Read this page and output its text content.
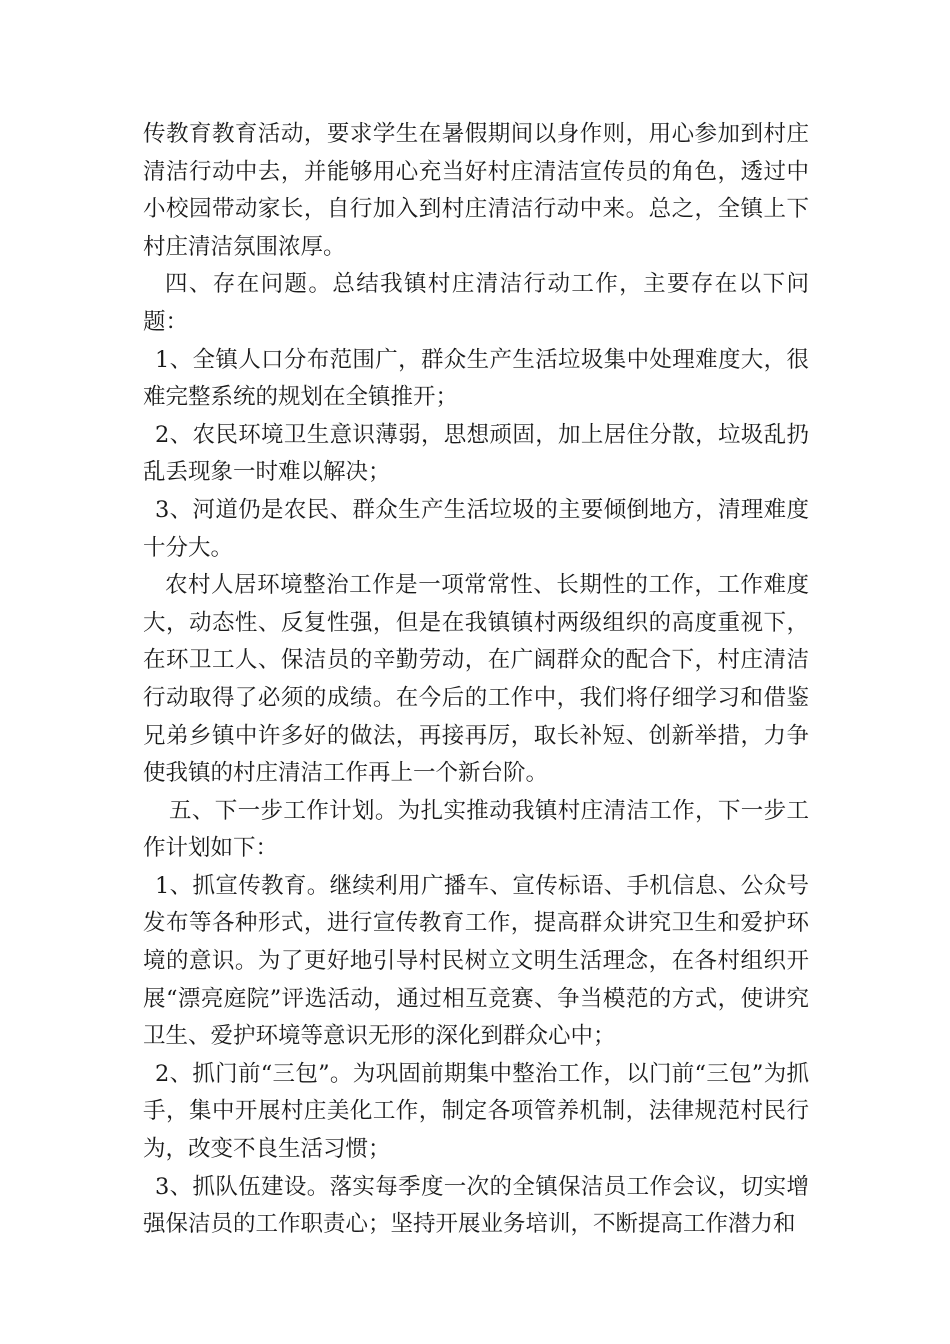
传教育教育活动，要求学生在暑假期间以身作则，用心参加到村庄清洁行动中去，并能够用心充当好村庄清洁宣传员的角色，透过中小校园带动家长，自行加入到村庄清洁行动中来。总之，全镇上下村庄清洁氛围浓厚。

四、存在问题。总结我镇村庄清洁行动工作，主要存在以下问题：

1、全镇人口分布范围广，群众生产生活垃圾集中处理难度大，很难完整系统的规划在全镇推开；

2、农民环境卫生意识薄弱，思想顽固，加上居住分散，垃圾乱扔乱丢现象一时难以解决；

3、河道仍是农民、群众生产生活垃圾的主要倾倒地方，清理难度十分大。

农村人居环境整治工作是一项常常性、长期性的工作，工作难度大，动态性、反复性强，但是在我镇镇村两级组织的高度重视下，在环卫工人、保洁员的辛勤劳动，在广阔群众的配合下，村庄清洁行动取得了必须的成绩。在今后的工作中，我们将仔细学习和借鉴兄弟乡镇中许多好的做法，再接再厉，取长补短、创新举措，力争使我镇的村庄清洁工作再上一个新台阶。

五、下一步工作计划。为扎实推动我镇村庄清洁工作，下一步工作计划如下：

1、抓宣传教育。继续利用广播车、宣传标语、手机信息、公众号发布等各种形式，进行宣传教育工作，提高群众讲究卫生和爱护环境的意识。为了更好地引导村民树立文明生活理念，在各村组织开展“漂亮庭院”评选活动，通过相互竞赛、争当模范的方式，使讲究卫生、爱护环境等意识无形的深化到群众心中；

2、抓门前“三包”。为巩固前期集中整治工作，以门前“三包”为抓手，集中开展村庄美化工作，制定各项管养机制，法律规范村民行为，改变不良生活习惯；

3、抓队伍建设。落实每季度一次的全镇保洁员工作会议，切实增强保洁员的工作职责心；坚持开展业务培训，不断提高工作潜力和
